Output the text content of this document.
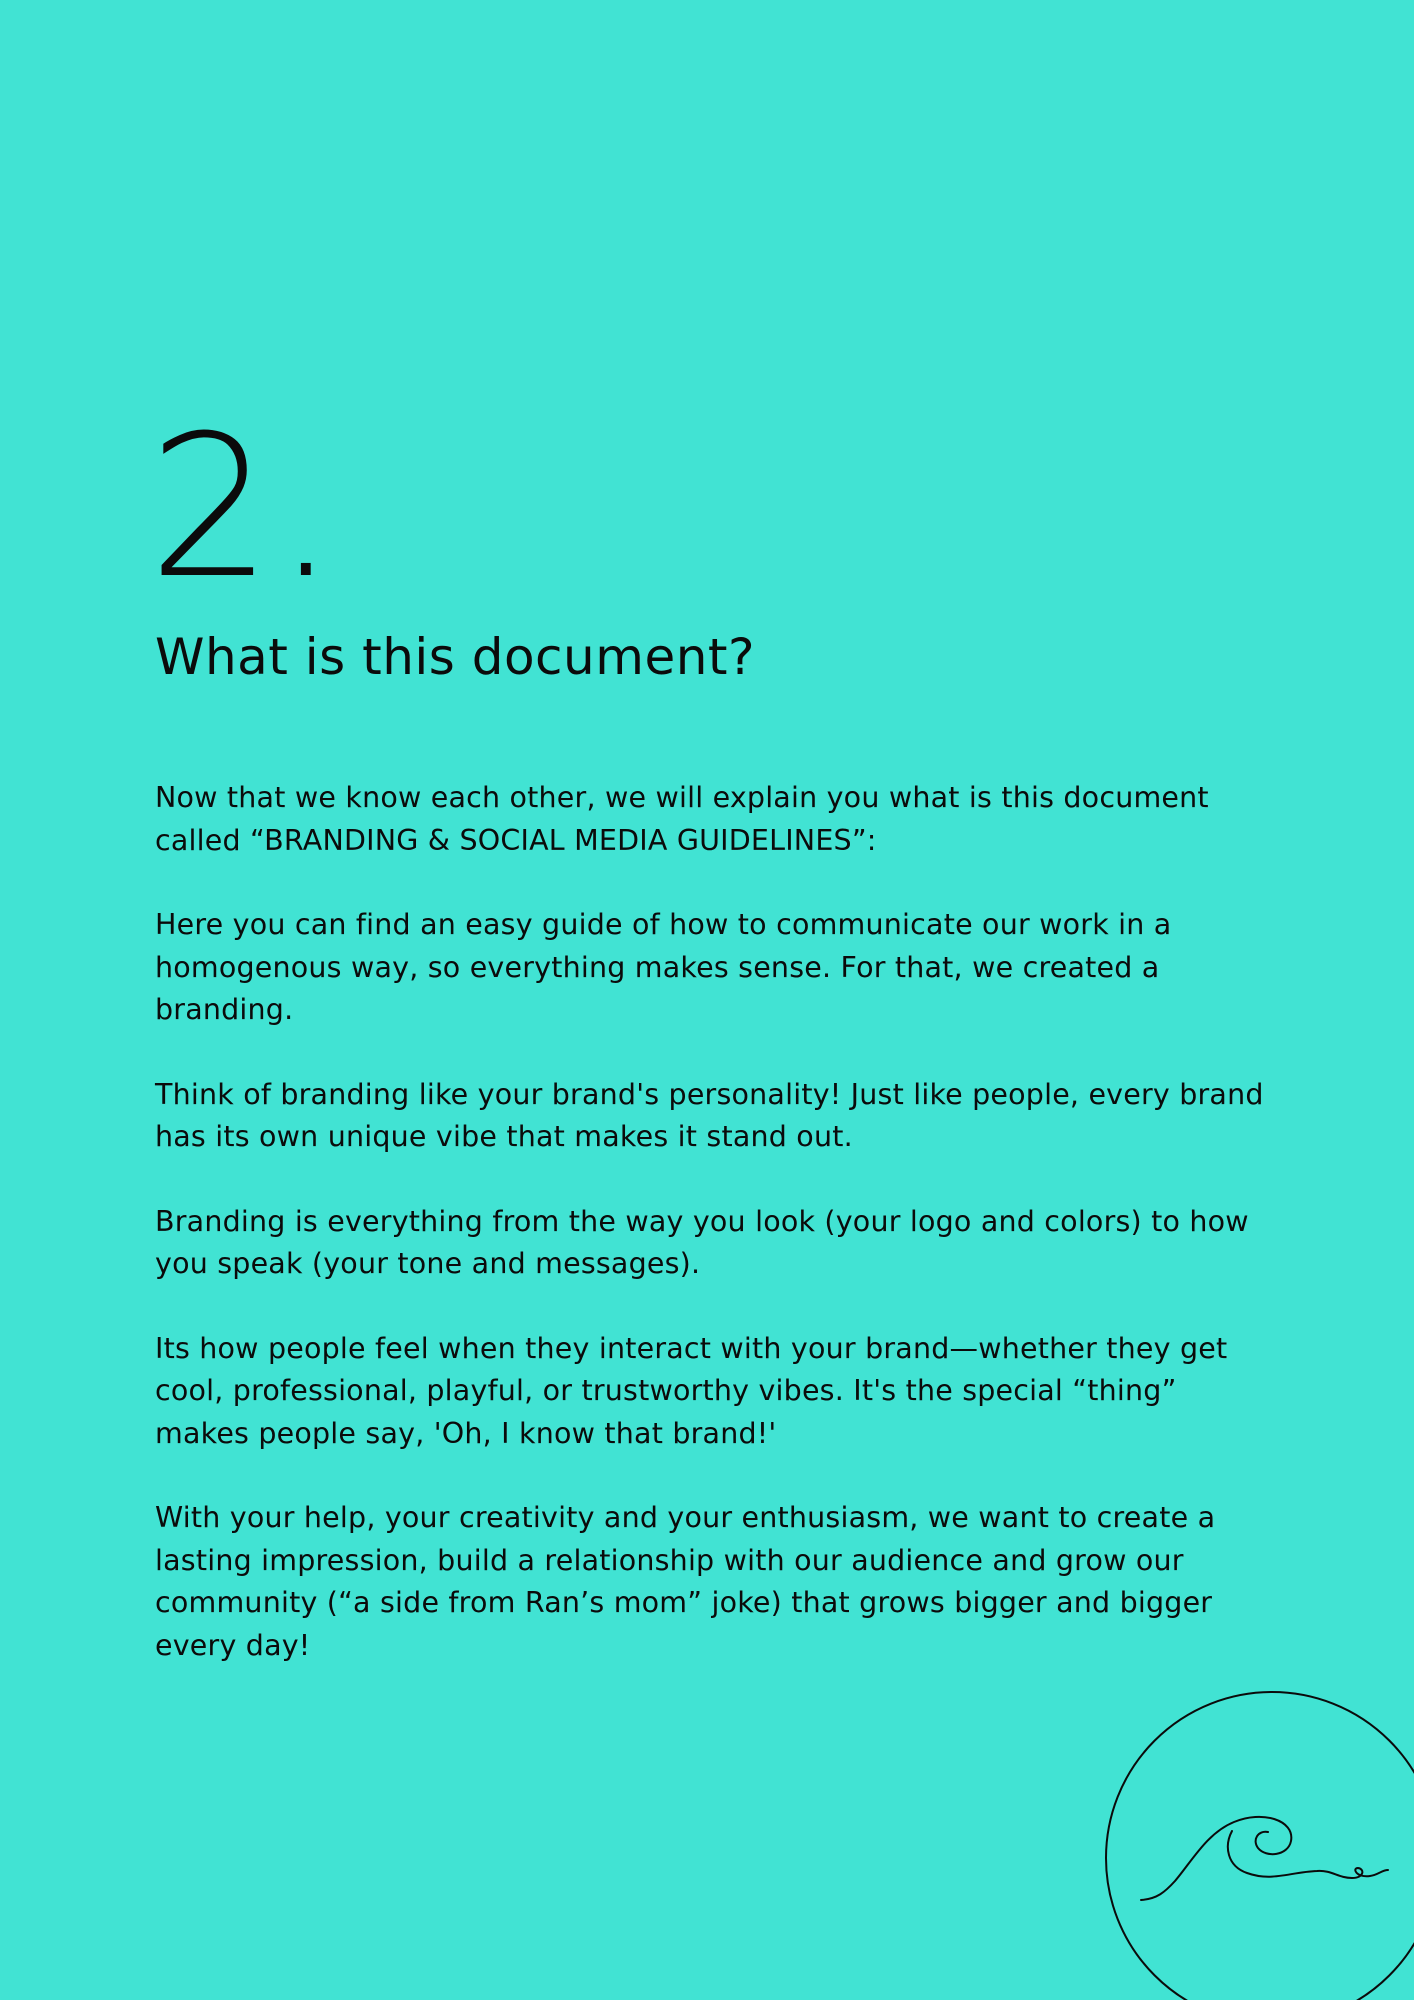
2.
What is this document?

Now that we know each other, we will explain you what is this document called “BRANDING & SOCIAL MEDIA GUIDELINES”:

Here you can find an easy guide of how to communicate our work in a homogenous way, so everything makes sense. For that, we created a branding.

Think of branding like your brand's personality! Just like people, every brand has its own unique vibe that makes it stand out.

Branding is everything from the way you look (your logo and colors) to how you speak (your tone and messages).

Its how people feel when they interact with your brand—whether they get cool, professional, playful, or trustworthy vibes. It's the special “thing” makes people say, 'Oh, I know that brand!'

With your help, your creativity and your enthusiasm, we want to create a lasting impression, build a relationship with our audience and grow our community (“a side from Ran’s mom” joke) that grows bigger and bigger every day!
